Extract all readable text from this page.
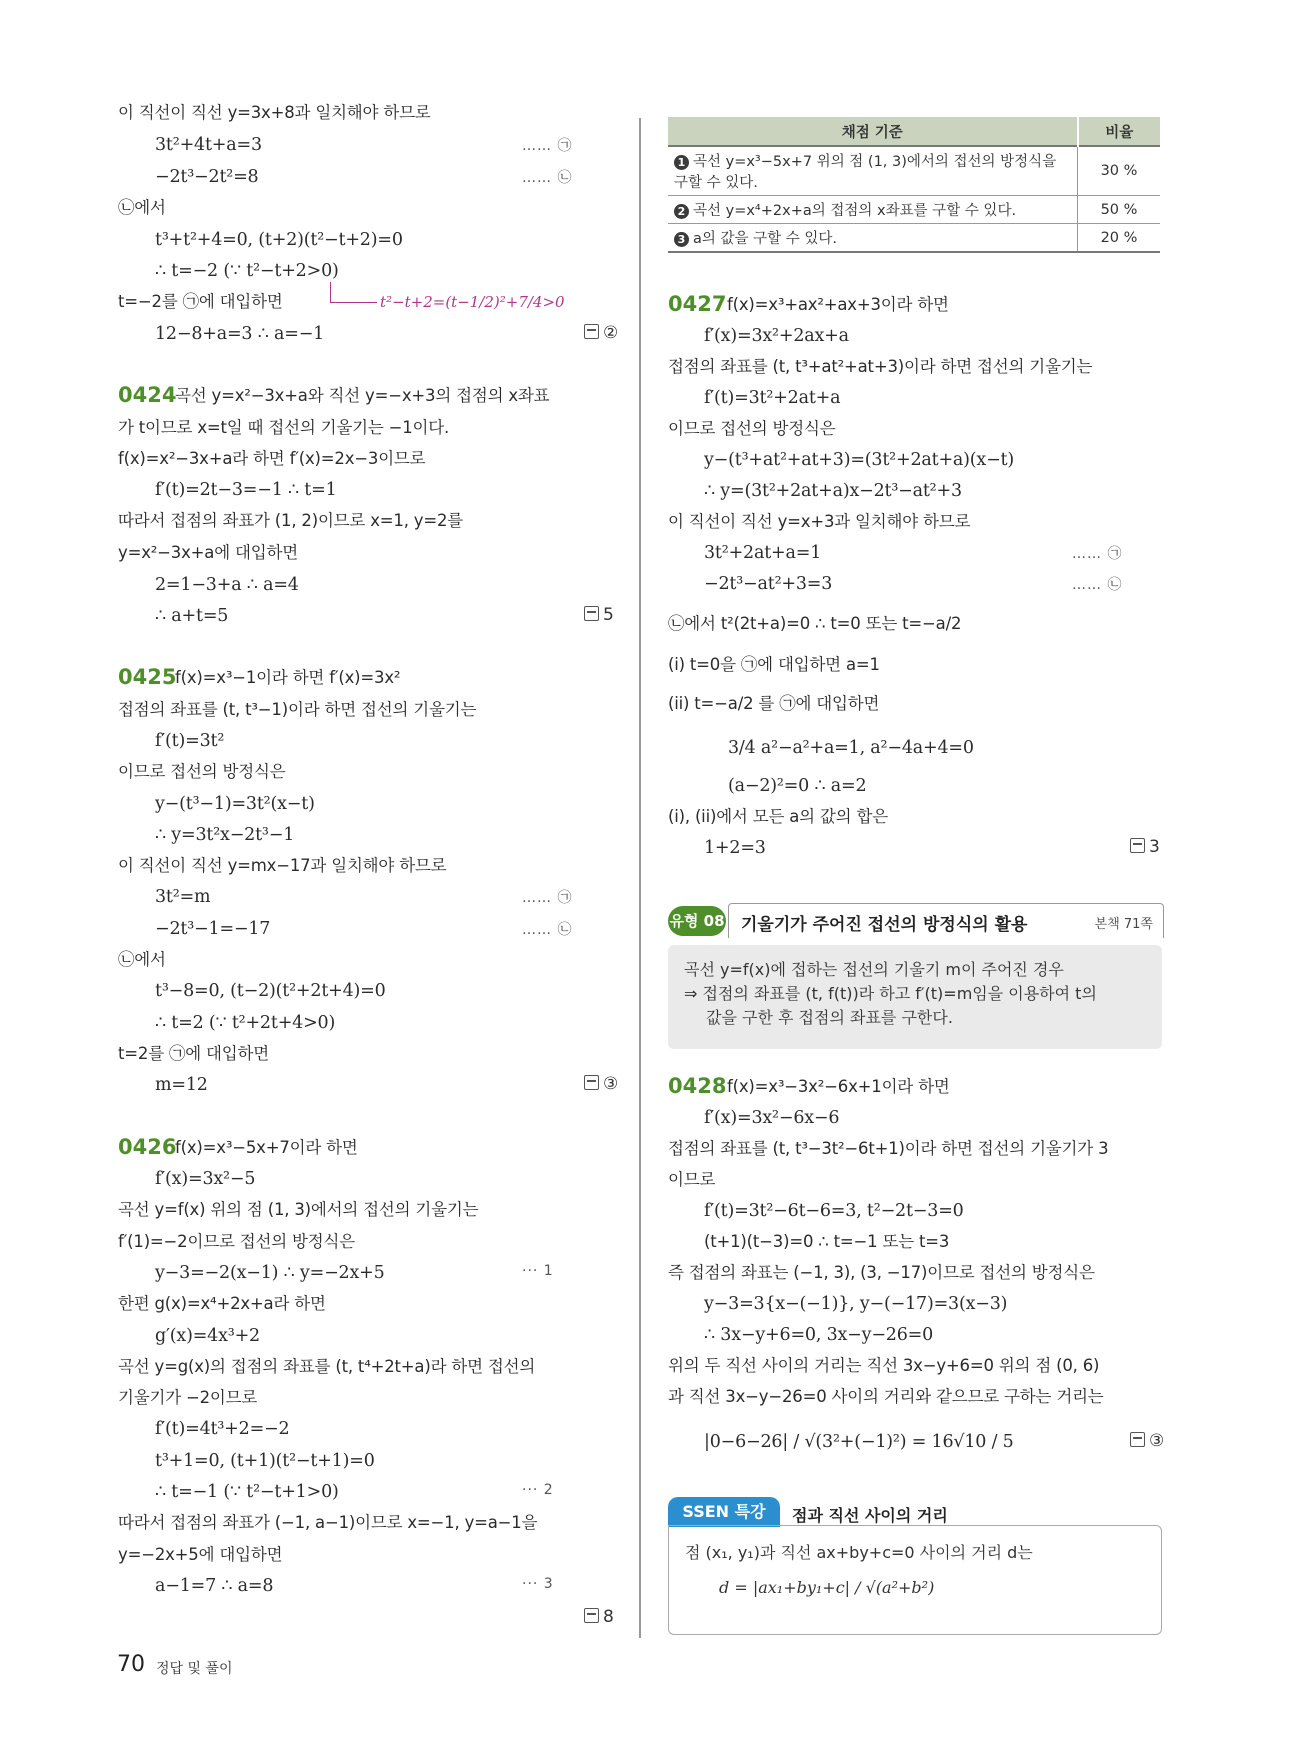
이 직선이 직선 y=3x+8과 일치해야 하므로
3t²+4t+a=3	…… ㉠
−2t³−2t²=8	…… ㉡
㉡에서
t³+t²+4=0, (t+2)(t²−t+2)=0
∴ t=−2 (∵ t²−t+2>0)
t=−2를 ㉠에 대입하면
12−8+a=3 ∴ a=−1
곡선 y=x²−3x+a와 직선 y=−x+3의 접점의 x좌표
가 t이므로 x=t일 때 접선의 기울기는 −1이다.
f(x)=x²−3x+a라 하면 f′(x)=2x−3이므로
f′(t)=2t−3=−1 ∴ t=1
따라서 접점의 좌표가 (1, 2)이므로 x=1, y=2를
y=x²−3x+a에 대입하면
2=1−3+a ∴ a=4
∴ a+t=5
f(x)=x³−1이라 하면 f′(x)=3x²
접점의 좌표를 (t, t³−1)이라 하면 접선의 기울기는
f′(t)=3t²
이므로 접선의 방정식은
y−(t³−1)=3t²(x−t)
∴ y=3t²x−2t³−1
이 직선이 직선 y=mx−17과 일치해야 하므로
3t²=m	…… ㉠
−2t³−1=−17	…… ㉡
㉡에서
t³−8=0, (t−2)(t²+2t+4)=0
∴ t=2 (∵ t²+2t+4>0)
t=2를 ㉠에 대입하면
m=12
f(x)=x³−5x+7이라 하면
f′(x)=3x²−5
곡선 y=f(x) 위의 점 (1, 3)에서의 접선의 기울기는
f′(1)=−2이므로 접선의 방정식은
y−3=−2(x−1) ∴ y=−2x+5	··· 1
한편 g(x)=x⁴+2x+a라 하면
g′(x)=4x³+2
곡선 y=g(x)의 접점의 좌표를 (t, t⁴+2t+a)라 하면 접선의
기울기가 −2이므로
f′(t)=4t³+2=−2
t³+1=0, (t+1)(t²−t+1)=0
∴ t=−1 (∵ t²−t+1>0)	··· 2
따라서 접점의 좌표가 (−1, a−1)이므로 x=−1, y=a−1을
y=−2x+5에 대입하면
a−1=7 ∴ a=8	··· 3
0424
0425
0426
②
5
③
8
t²−t+2=(t−1/2)²+7/4>0
채점 기준	비율
1 곡선 y=x³−5x+7 위의 점 (1, 3)에서의 접선의 방정식을 구할 수 있다.	30 %
2 곡선 y=x⁴+2x+a의 접점의 x좌표를 구할 수 있다.	50 %
3 a의 값을 구할 수 있다.	20 %
f(x)=x³+ax²+ax+3이라 하면
f′(x)=3x²+2ax+a
접점의 좌표를 (t, t³+at²+at+3)이라 하면 접선의 기울기는
f′(t)=3t²+2at+a
이므로 접선의 방정식은
y−(t³+at²+at+3)=(3t²+2at+a)(x−t)
∴ y=(3t²+2at+a)x−2t³−at²+3
이 직선이 직선 y=x+3과 일치해야 하므로
3t²+2at+a=1	…… ㉠
−2t³−at²+3=3	…… ㉡
㉡에서 t²(2t+a)=0 ∴ t=0 또는 t=−a/2
(i) t=0을 ㉠에 대입하면 a=1
(ii) t=−a/2 를 ㉠에 대입하면
3/4 a²−a²+a=1, a²−4a+4=0
(a−2)²=0 ∴ a=2
(i), (ii)에서 모든 a의 값의 합은
1+2=3
f(x)=x³−3x²−6x+1이라 하면
f′(x)=3x²−6x−6
접점의 좌표를 (t, t³−3t²−6t+1)이라 하면 접선의 기울기가 3
이므로
f′(t)=3t²−6t−6=3, t²−2t−3=0
(t+1)(t−3)=0 ∴ t=−1 또는 t=3
즉 접점의 좌표는 (−1, 3), (3, −17)이므로 접선의 방정식은
y−3=3{x−(−1)}, y−(−17)=3(x−3)
∴ 3x−y+6=0, 3x−y−26=0
위의 두 직선 사이의 거리는 직선 3x−y+6=0 위의 점 (0, 6)
과 직선 3x−y−26=0 사이의 거리와 같으므로 구하는 거리는
|0−6−26| / √(3²+(−1)²) = 16√10 / 5
0427
0428
3
③
유형 08 기울기가 주어진 접선의 방정식의 활용	본책 71쪽
곡선 y=f(x)에 접하는 접선의 기울기 m이 주어진 경우
⇒ 접점의 좌표를 (t, f(t))라 하고 f′(t)=m임을 이용하여 t의
값을 구한 후 접점의 좌표를 구한다.
SSEN 특강	점과 직선 사이의 거리
점 (x₁, y₁)과 직선 ax+by+c=0 사이의 거리 d는
d = |ax₁+by₁+c| / √(a²+b²)
70 정답 및 풀이
